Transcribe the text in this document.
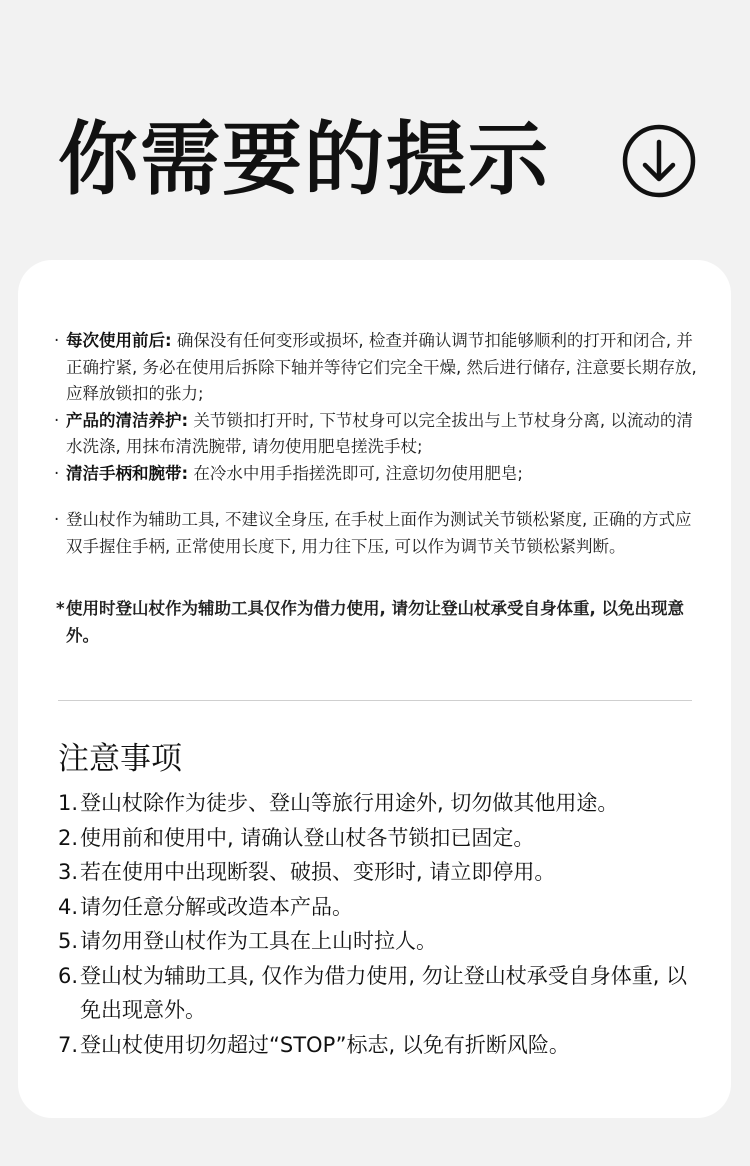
你需要的提示
· 每次使用前后: 确保没有任何变形或损坏, 检查并确认调节扣能够顺利的打开和闭合, 并正确拧紧, 务必在使用后拆除下轴并等待它们完全干燥, 然后进行储存, 注意要长期存放, 应释放锁扣的张力;
· 产品的清洁养护: 关节锁扣打开时, 下节杖身可以完全拔出与上节杖身分离, 以流动的清水洗涤, 用抹布清洗腕带, 请勿使用肥皂搓洗手杖;
· 清洁手柄和腕带: 在冷水中用手指搓洗即可, 注意切勿使用肥皂;
· 登山杖作为辅助工具, 不建议全身压, 在手杖上面作为测试关节锁松紧度, 正确的方式应双手握住手柄, 正常使用长度下, 用力往下压, 可以作为调节关节锁松紧判断。
* 使用时登山杖作为辅助工具仅作为借力使用, 请勿让登山杖承受自身体重, 以免出现意外。
注意事项
1. 登山杖除作为徒步、登山等旅行用途外, 切勿做其他用途。
2. 使用前和使用中, 请确认登山杖各节锁扣已固定。
3. 若在使用中出现断裂、破损、变形时, 请立即停用。
4. 请勿任意分解或改造本产品。
5. 请勿用登山杖作为工具在上山时拉人。
6. 登山杖为辅助工具, 仅作为借力使用, 勿让登山杖承受自身体重, 以免出现意外。
7. 登山杖使用切勿超过“STOP”标志, 以免有折断风险。
